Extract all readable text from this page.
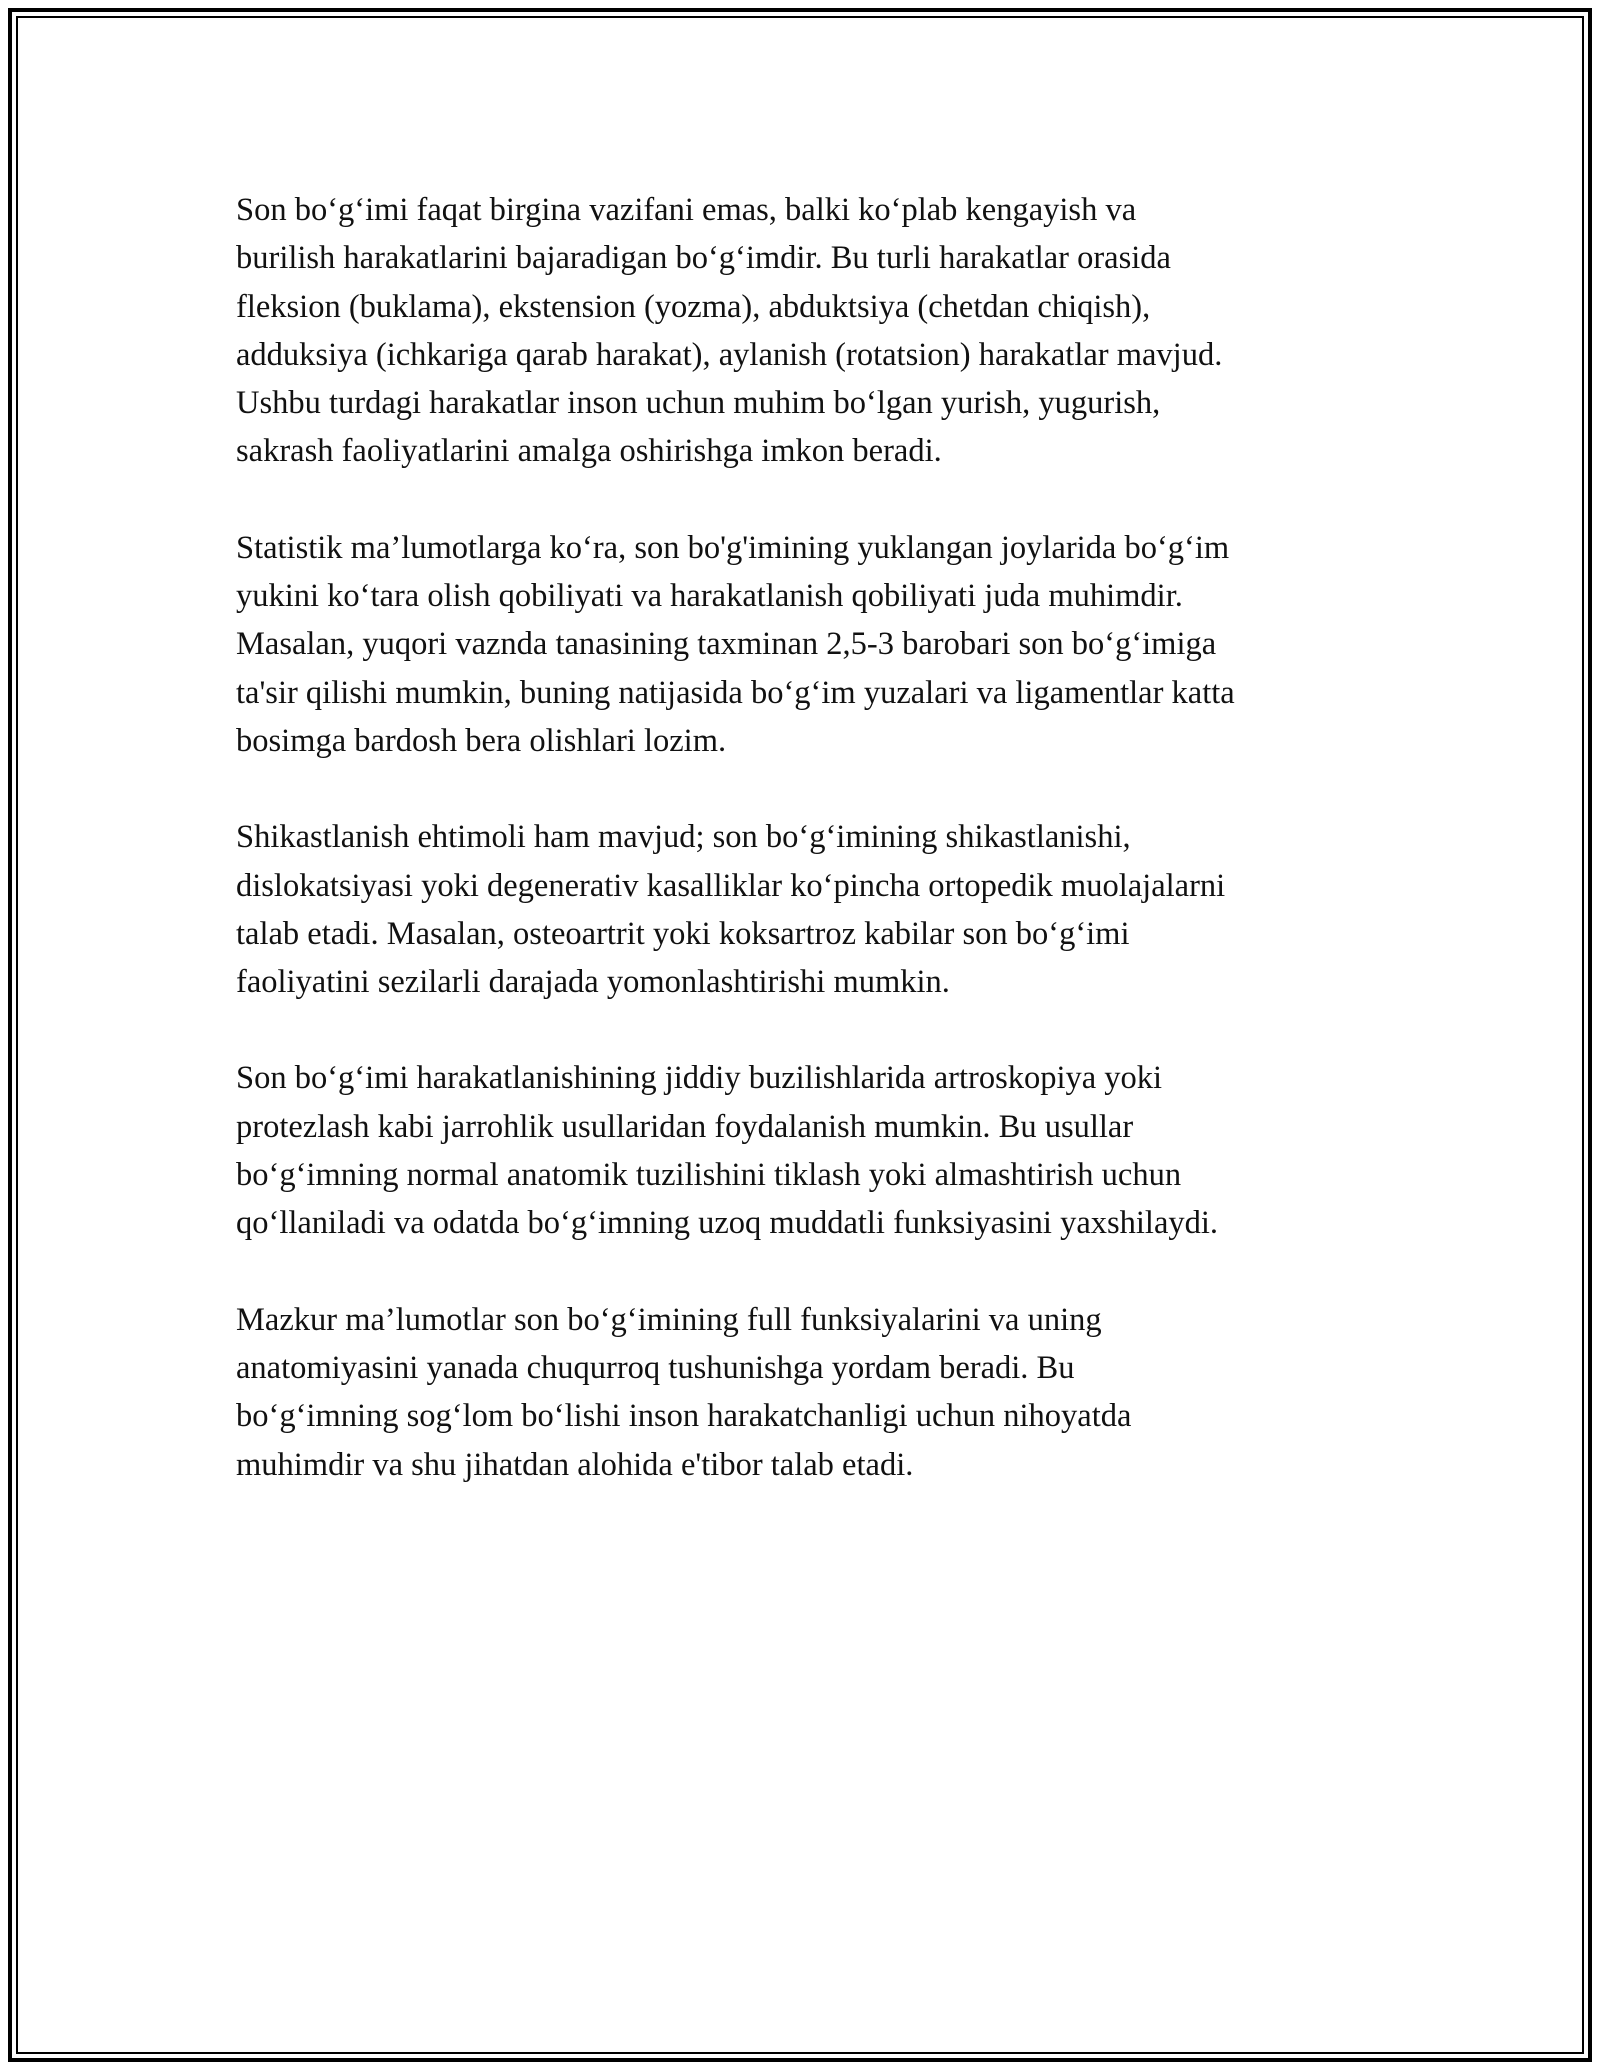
Son bo‘g‘imi faqat birgina vazifani emas, balki ko‘plab kengayish va
burilish harakatlarini bajaradigan bo‘g‘imdir. Bu turli harakatlar orasida
fleksion (buklama), ekstension (yozma), abduktsiya (chetdan chiqish),
adduksiya (ichkariga qarab harakat), aylanish (rotatsion) harakatlar mavjud.
Ushbu turdagi harakatlar inson uchun muhim bo‘lgan yurish, yugurish,
sakrash faoliyatlarini amalga oshirishga imkon beradi.

Statistik ma’lumotlarga ko‘ra, son bo'g'imining yuklangan joylarida bo‘g‘im
yukini ko‘tara olish qobiliyati va harakatlanish qobiliyati juda muhimdir.
Masalan, yuqori vaznda tanasining taxminan 2,5-3 barobari son bo‘g‘imiga
ta'sir qilishi mumkin, buning natijasida bo‘g‘im yuzalari va ligamentlar katta
bosimga bardosh bera olishlari lozim.

Shikastlanish ehtimoli ham mavjud; son bo‘g‘imining shikastlanishi,
dislokatsiyasi yoki degenerativ kasalliklar ko‘pincha ortopedik muolajalarni
talab etadi. Masalan, osteoartrit yoki koksartroz kabilar son bo‘g‘imi
faoliyatini sezilarli darajada yomonlashtirishi mumkin.

Son bo‘g‘imi harakatlanishining jiddiy buzilishlarida artroskopiya yoki
protezlash kabi jarrohlik usullaridan foydalanish mumkin. Bu usullar
bo‘g‘imning normal anatomik tuzilishini tiklash yoki almashtirish uchun
qo‘llaniladi va odatda bo‘g‘imning uzoq muddatli funksiyasini yaxshilaydi.

Mazkur ma’lumotlar son bo‘g‘imining full funksiyalarini va uning
anatomiyasini yanada chuqurroq tushunishga yordam beradi. Bu
bo‘g‘imning sog‘lom bo‘lishi inson harakatchanligi uchun nihoyatda
muhimdir va shu jihatdan alohida e'tibor talab etadi.
